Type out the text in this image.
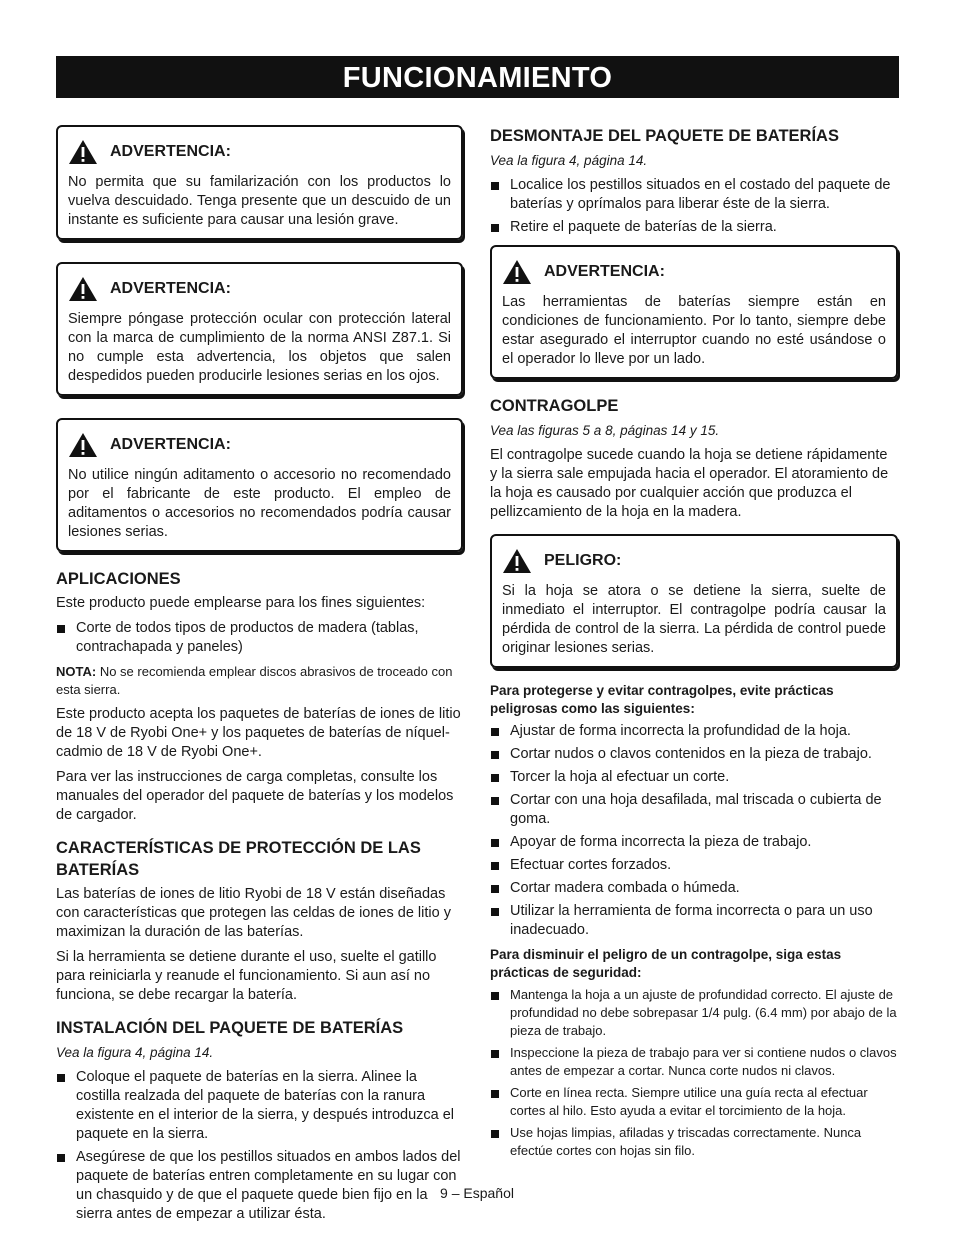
FUNCIONAMIENTO
ADVERTENCIA:
No permita que su familarización con los productos lo vuelva descuidado. Tenga presente que un descuido de un instante es suficiente para causar una lesión grave.
ADVERTENCIA:
Siempre póngase protección ocular con protección lateral con la marca de cumplimiento de la norma ANSI Z87.1. Si no cumple esta advertencia, los objetos que salen despedidos pueden producirle lesiones serias en los ojos.
ADVERTENCIA:
No utilice ningún aditamento o accesorio no recomendado por el fabricante de este producto. El empleo de aditamentos o accesorios no recomendados podría causar lesiones serias.
APLICACIONES

Este producto puede emplearse para los fines siguientes:

Corte de todos tipos de productos de madera (tablas, contrachapada y paneles)

NOTA: No se recomienda emplear discos abrasivos de troceado con esta sierra.

Este producto acepta los paquetes de baterías de iones de litio de 18 V de Ryobi One+ y los paquetes de baterías de níquel-cadmio de 18 V de Ryobi One+.

Para ver las instrucciones de carga completas, consulte los manuales del operador del paquete de baterías y los modelos de cargador.

CARACTERÍSTICAS DE PROTECCIÓN DE LAS BATERÍAS

Las baterías de iones de litio Ryobi de 18 V están diseñadas con características que protegen las celdas de iones de litio y maximizan la duración de las baterías.

Si la herramienta se detiene durante el uso, suelte el gatillo para reiniciarla y reanude el funcionamiento. Si aun así no funciona, se debe recargar la batería.

INSTALACIÓN DEL PAQUETE DE BATERÍAS

Vea la figura 4, página 14.

Coloque el paquete de baterías en la sierra. Alinee la costilla realzada del paquete de baterías con la ranura existente en el interior de la sierra, y después introduzca el paquete en la sierra.
Asegúrese de que los pestillos situados en ambos lados del paquete de baterías entren completamente en su lugar con un chasquido y de que el paquete quede bien fijo en la sierra antes de empezar a utilizar ésta.
DESMONTAJE DEL PAQUETE DE BATERÍAS

Vea la figura 4, página 14.

Localice los pestillos situados en el costado del paquete de baterías y oprímalos para liberar éste de la sierra.
Retire el paquete de baterías de la sierra.
ADVERTENCIA:
Las herramientas de baterías siempre están en condiciones de funcionamiento. Por lo tanto, siempre debe estar asegurado el interruptor cuando no esté usándose o el operador lo lleve por un lado.
CONTRAGOLPE

Vea las figuras 5 a 8, páginas 14 y 15.

El contragolpe sucede cuando la hoja se detiene rápidamente y la sierra sale empujada hacia el operador. El atoramiento de la hoja es causado por cualquier acción que produzca el pellizcamiento de la hoja en la madera.

PELIGRO:
Si la hoja se atora o se detiene la sierra, suelte de inmediato el interruptor. El contragolpe podría causar la pérdida de control de la sierra. La pérdida de control puede originar lesiones serias.

Para protegerse y evitar contragolpes, evite prácticas peligrosas como las siguientes:

Ajustar de forma incorrecta la profundidad de la hoja.
Cortar nudos o clavos contenidos en la pieza de trabajo.
Torcer la hoja al efectuar un corte.
Cortar con una hoja desafilada, mal triscada o cubierta de goma.
Apoyar de forma incorrecta la pieza de trabajo.
Efectuar cortes forzados.
Cortar madera combada o húmeda.
Utilizar la herramienta de forma incorrecta o para un uso inadecuado.

Para disminuir el peligro de un contragolpe, siga estas prácticas de seguridad:

Mantenga la hoja a un ajuste de profundidad correcto. El ajuste de profundidad no debe sobrepasar 1/4 pulg. (6.4 mm) por abajo de la pieza de trabajo.
Inspeccione la pieza de trabajo para ver si contiene nudos o clavos antes de empezar a cortar. Nunca corte nudos ni clavos.
Corte en línea recta. Siempre utilice una guía recta al efectuar cortes al hilo. Esto ayuda a evitar el torcimiento de la hoja.
Use hojas limpias, afiladas y triscadas correctamente. Nunca efectúe cortes con hojas sin filo.
9 – Español
